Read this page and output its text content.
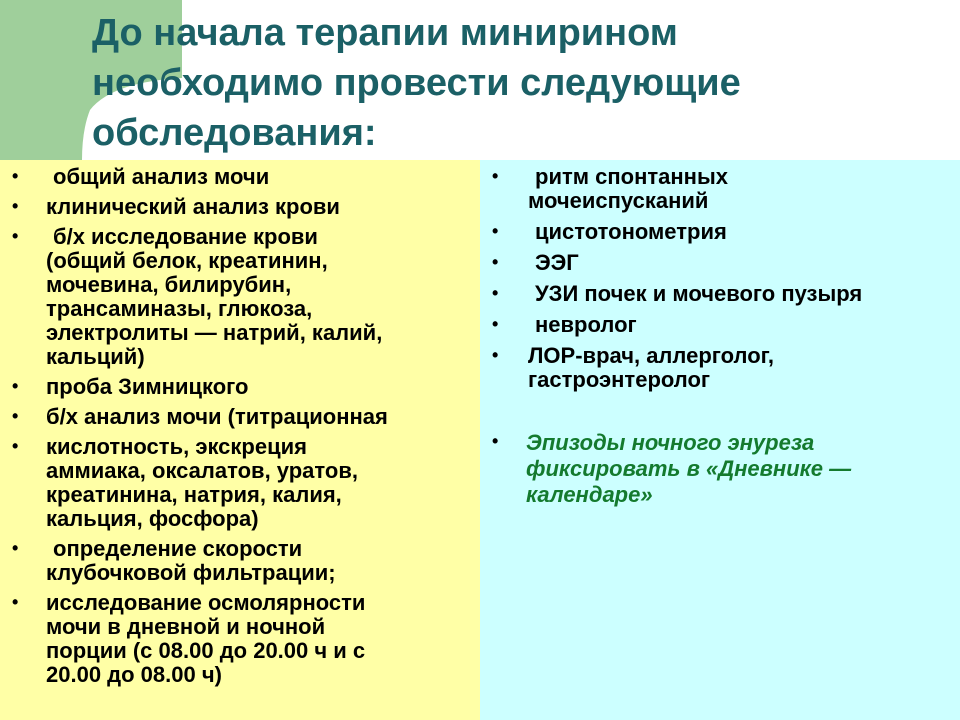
До начала терапии минирином
необходимо провести следующие
обследования:
•	общий анализ мочи
• клинический анализ крови
•	б/х исследование крови
(общий белок, креатинин,
мочевина, билирубин,
трансаминазы, глюкоза,
электролиты — натрий, калий,
кальций)
• проба Зимницкого
• б/х анализ мочи (титрационная
• кислотность, экскреция
аммиака, оксалатов, уратов,
креатинина, натрия, калия,
кальция, фосфора)
•	определение скорости
клубочковой фильтрации;
• исследование осмолярности
мочи в дневной и ночной
порции (с 08.00 до 20.00 ч и с
20.00 до 08.00 ч)
•	ритм спонтанных
мочеиспусканий
•	цистотонометрия
•	ЭЭГ
•	УЗИ почек и мочевого пузыря
•	невролог
• ЛОР-врач, аллерголог,
гастроэнтеролог
• Эпизоды ночного энуреза
фиксировать в «Дневнике —
календаре»
